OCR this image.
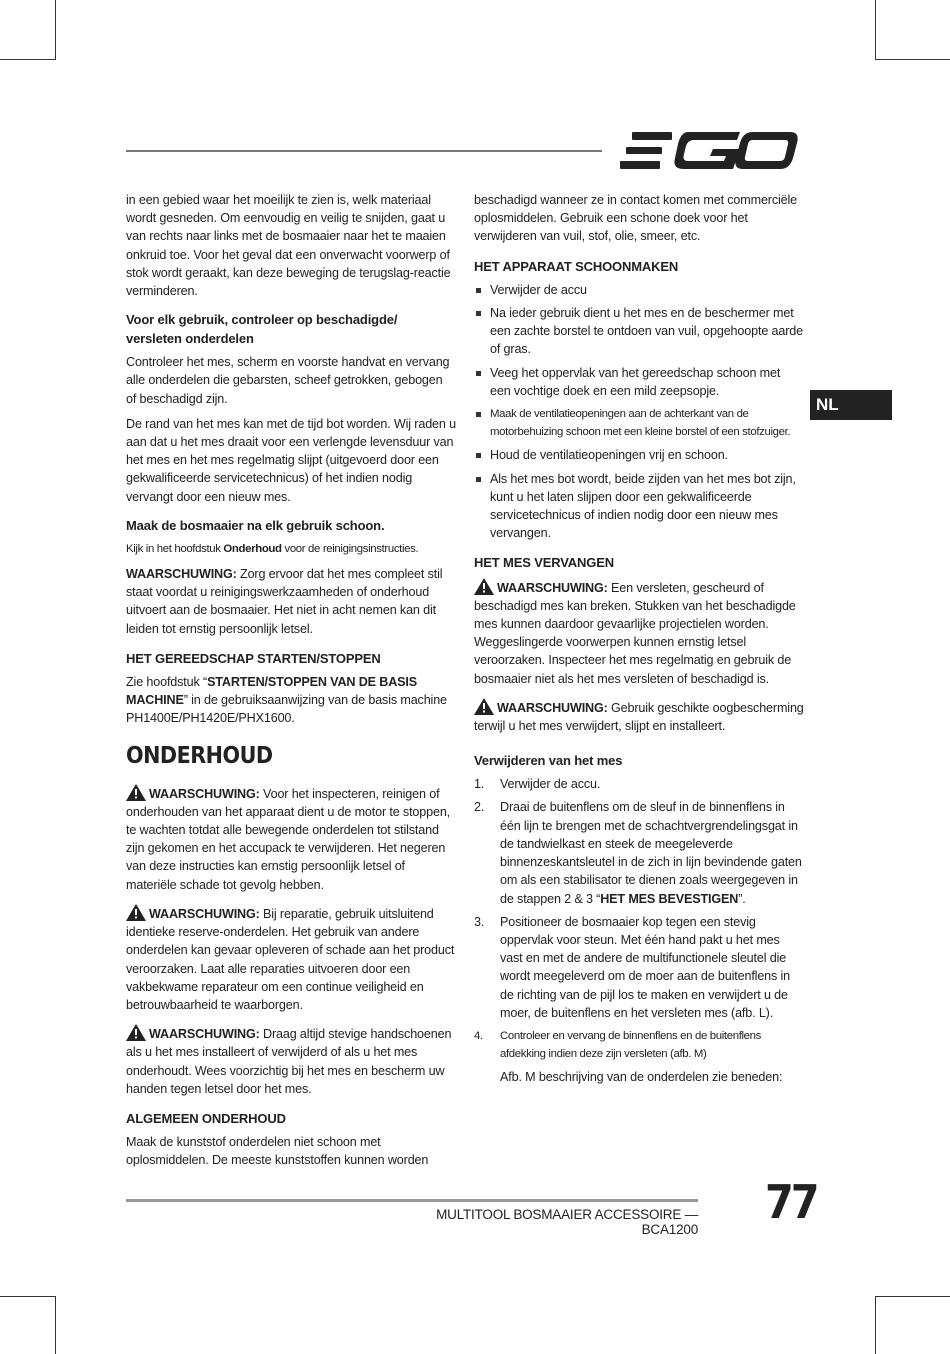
NL

in een gebied waar het moeilijk te zien is, welk materiaal wordt gesneden. Om eenvoudig en veilig te snijden, gaat u van rechts naar links met de bosmaaier naar het te maaien onkruid toe. Voor het geval dat een onverwacht voorwerp of stok wordt geraakt, kan deze beweging de terugslag-reactie verminderen.

Voor elk gebruik, controleer op beschadigde/ versleten onderdelen

Controleer het mes, scherm en voorste handvat en vervang alle onderdelen die gebarsten, scheef getrokken, gebogen of beschadigd zijn.

De rand van het mes kan met de tijd bot worden. Wij raden u aan dat u het mes draait voor een verlengde levensduur van het mes en het mes regelmatig slijpt (uitgevoerd door een gekwalificeerde servicetechnicus) of het indien nodig vervangt door een nieuw mes.

Maak de bosmaaier na elk gebruik schoon.

Kijk in het hoofdstuk Onderhoud voor de reinigingsinstructies.

WAARSCHUWING: Zorg ervoor dat het mes compleet stil staat voordat u reinigingswerkzaamheden of onderhoud uitvoert aan de bosmaaier. Het niet in acht nemen kan dit leiden tot ernstig persoonlijk letsel.

HET GEREEDSCHAP STARTEN/STOPPEN

Zie hoofdstuk “STARTEN/STOPPEN VAN DE BASIS MACHINE” in de gebruiksaanwijzing van de basis machine PH1400E/PH1420E/PHX1600.

ONDERHOUD

WAARSCHUWING: Voor het inspecteren, reinigen of onderhouden van het apparaat dient u de motor te stoppen, te wachten totdat alle bewegende onderdelen tot stilstand zijn gekomen en het accupack te verwijderen. Het negeren van deze instructies kan ernstig persoonlijk letsel of materiële schade tot gevolg hebben.

WAARSCHUWING: Bij reparatie, gebruik uitsluitend identieke reserve-onderdelen. Het gebruik van andere onderdelen kan gevaar opleveren of schade aan het product veroorzaken. Laat alle reparaties uitvoeren door een vakbekwame reparateur om een continue veiligheid en betrouwbaarheid te waarborgen.

WAARSCHUWING: Draag altijd stevige handschoenen als u het mes installeert of verwijderd of als u het mes onderhoudt. Wees voorzichtig bij het mes en bescherm uw handen tegen letsel door het mes.

ALGEMEEN ONDERHOUD

Maak de kunststof onderdelen niet schoon met oplosmiddelen. De meeste kunststoffen kunnen worden

beschadigd wanneer ze in contact komen met commerciële oplosmiddelen. Gebruik een schone doek voor het verwijderen van vuil, stof, olie, smeer, etc.

HET APPARAAT SCHOONMAKEN
Verwijder de accu
Na ieder gebruik dient u het mes en de beschermer met een zachte borstel te ontdoen van vuil, opgehoopte aarde of gras.
Veeg het oppervlak van het gereedschap schoon met een vochtige doek en een mild zeepsopje.
Maak de ventilatieopeningen aan de achterkant van de motorbehuizing schoon met een kleine borstel of een stofzuiger.
Houd de ventilatieopeningen vrij en schoon.
Als het mes bot wordt, beide zijden van het mes bot zijn, kunt u het laten slijpen door een gekwalificeerde servicetechnicus of indien nodig door een nieuw mes vervangen.
HET MES VERVANGEN

WAARSCHUWING: Een versleten, gescheurd of beschadigd mes kan breken. Stukken van het beschadigde mes kunnen daardoor gevaarlijke projectielen worden. Weggeslingerde voorwerpen kunnen ernstig letsel veroorzaken. Inspecteer het mes regelmatig en gebruik de bosmaaier niet als het mes versleten of beschadigd is.

WAARSCHUWING: Gebruik geschikte oogbescherming terwijl u het mes verwijdert, slijpt en installeert.

Verwijderen van het mes
1. Verwijder de accu.
2. Draai de buitenflens om de sleuf in de binnenflens in één lijn te brengen met de schachtvergrendelingsgat in de tandwielkast en steek de meegeleverde binnenzeskantsleutel in de zich in lijn bevindende gaten om als een stabilisator te dienen zoals weergegeven in de stappen 2 & 3 “HET MES BEVESTIGEN”.
3. Positioneer de bosmaaier kop tegen een stevig oppervlak voor steun. Met één hand pakt u het mes vast en met de andere de multifunctionele sleutel die wordt meegeleverd om de moer aan de buitenflens in de richting van de pijl los te maken en verwijdert u de moer, de buitenflens en het versleten mes (afb. L).
4. Controleer en vervang de binnenflens en de buitenflens afdekking indien deze zijn versleten (afb. M)

Afb. M beschrijving van de onderdelen zie beneden:

MULTITOOL BOSMAAIER ACCESSOIRE — BCA1200
77
